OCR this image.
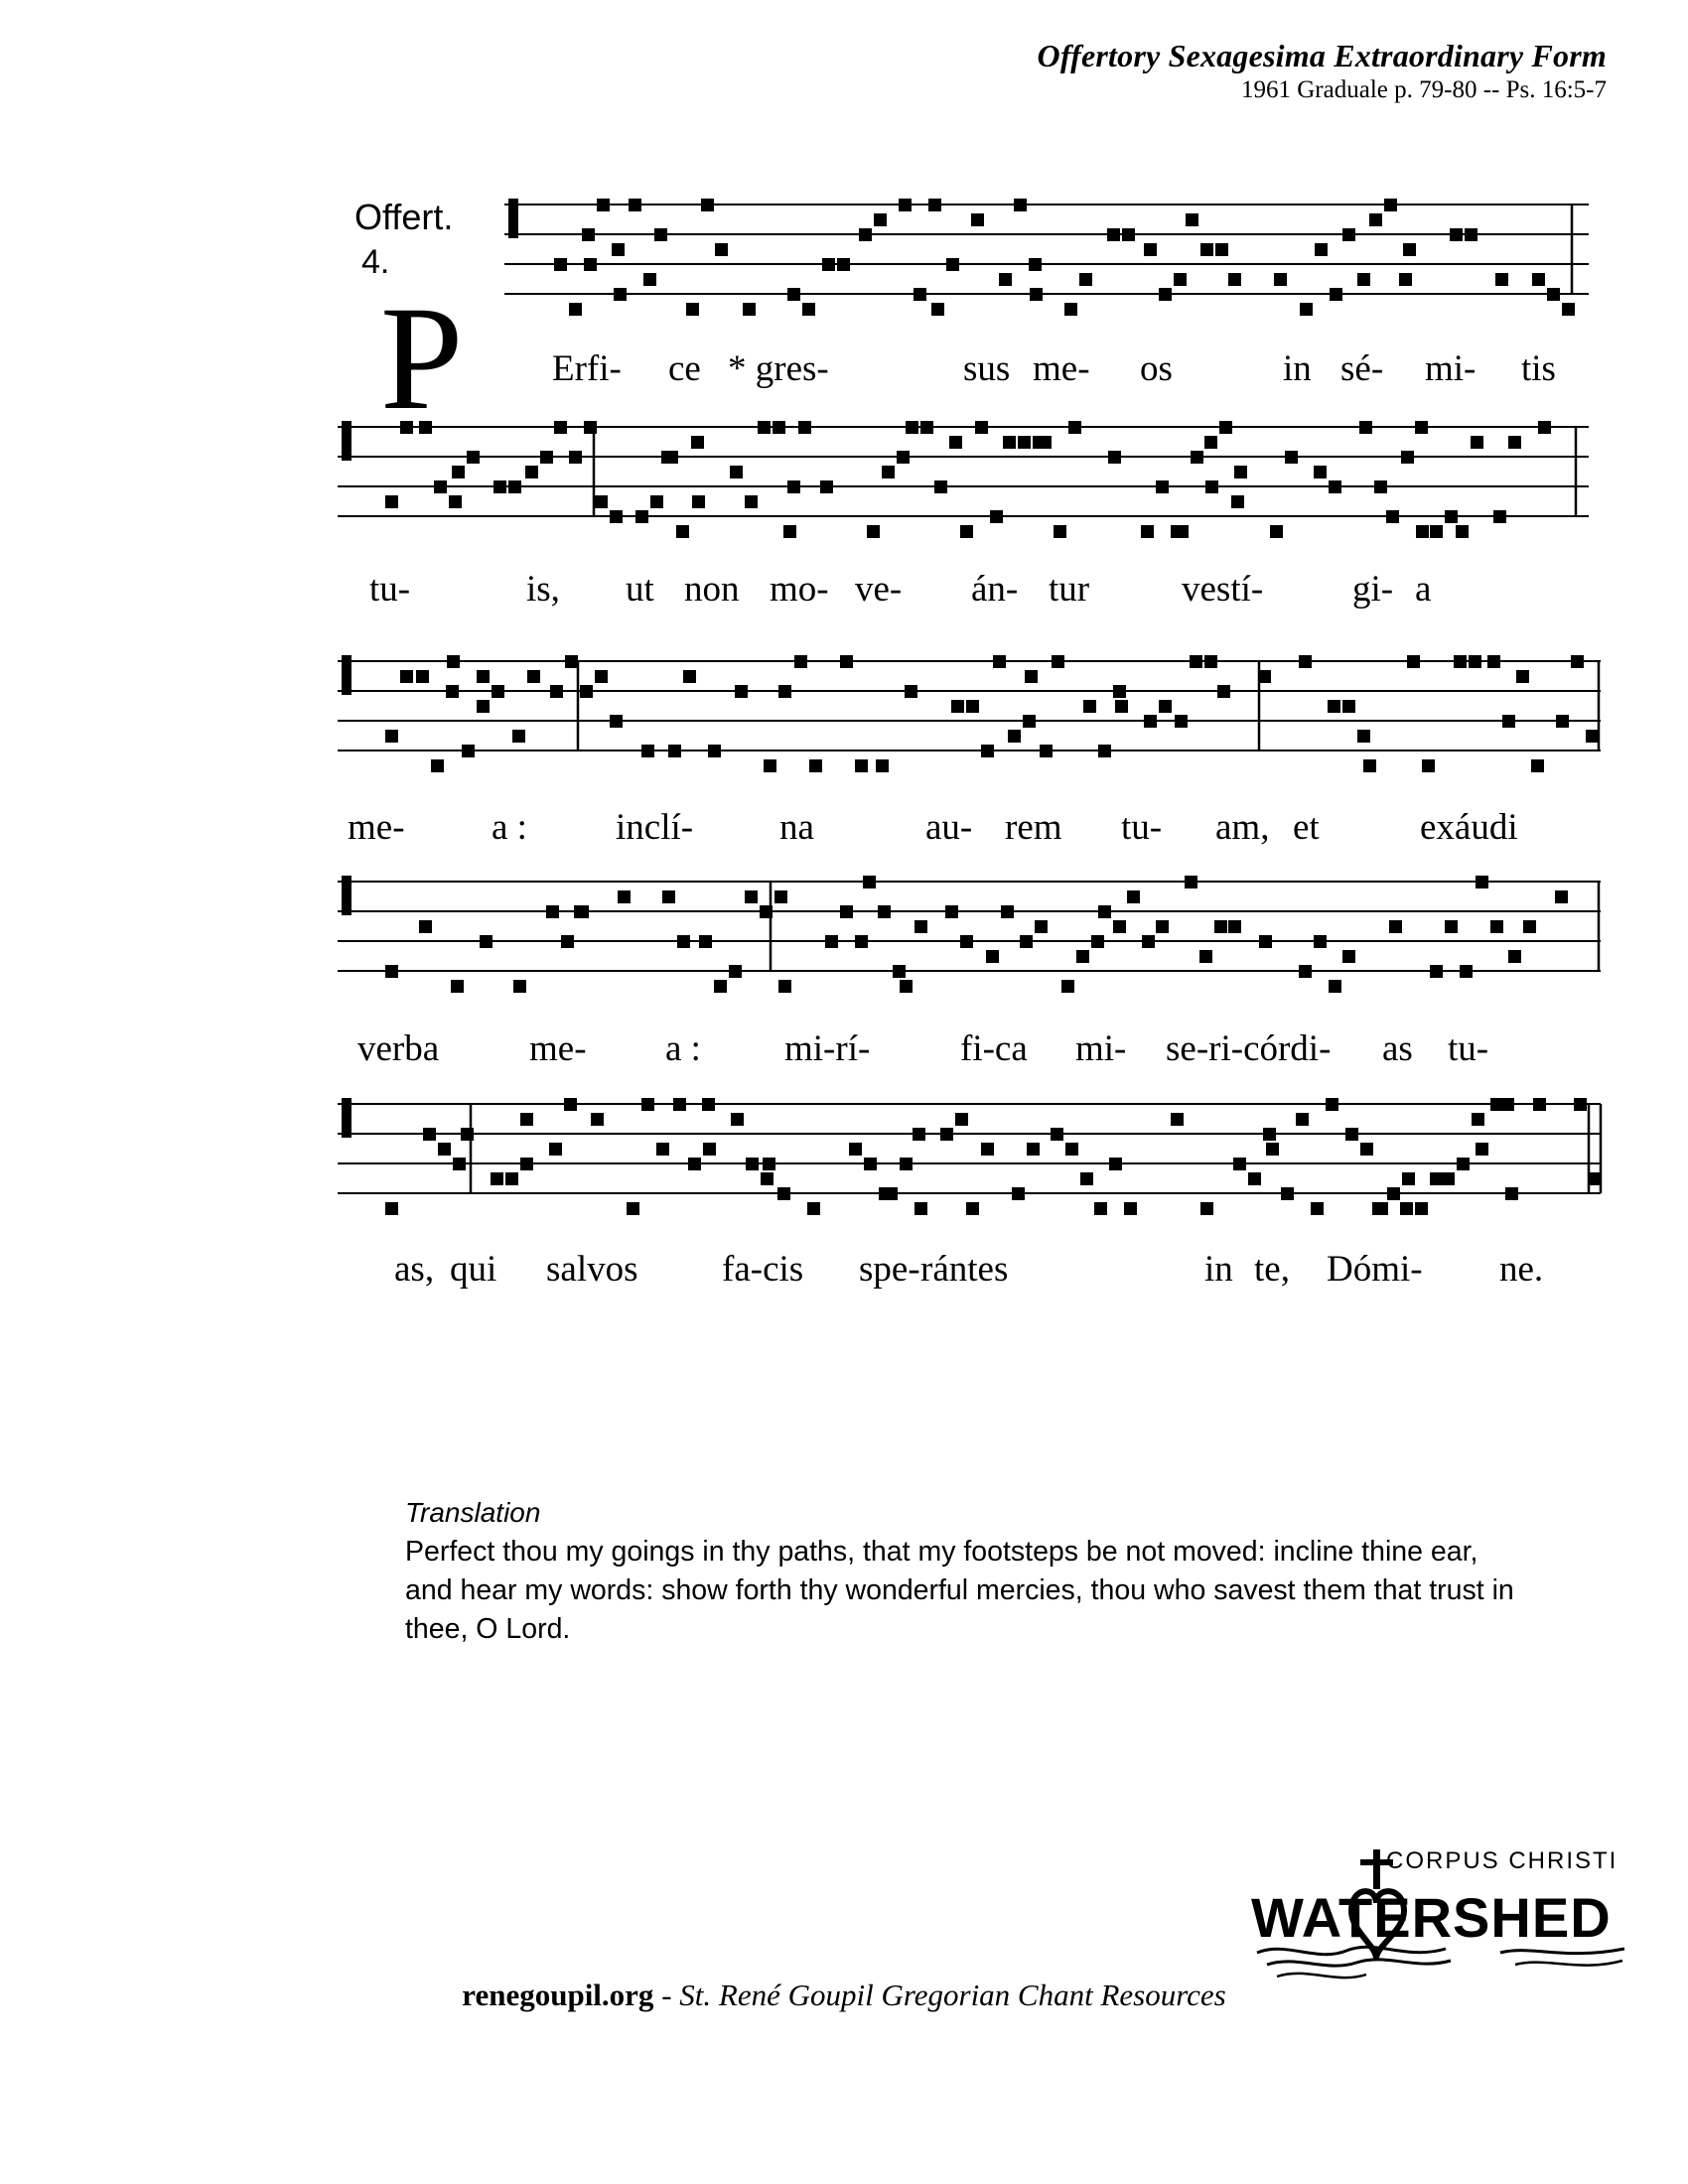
Offertory Sexagesima Extraordinary Form
1961 Graduale p. 79-80 -- Ps. 16:5-7
Offert.
4.
P Erfi- ce * gres-	sus me- os	in sé- mi- tis
tu-	is, ut non mo- ve- án- tur	vestí- gi- a
me- a : inclí- na	au- rem tu- am, et	exáudi
verba me- a : mi-rí- fi-ca mi- se-ri-córdi- as tu-
as, qui salvos fa-cis spe- rántes	in te, Dómi- ne.
Translation
Perfect thou my goings in thy paths, that my footsteps be not moved: incline thine ear, and hear my words: show forth thy wonderful mercies, thou who savest them that trust in thee, O Lord.
CORPUS CHRISTI
WATERSHED
renegoupil.org - St. René Goupil Gregorian Chant Resources
